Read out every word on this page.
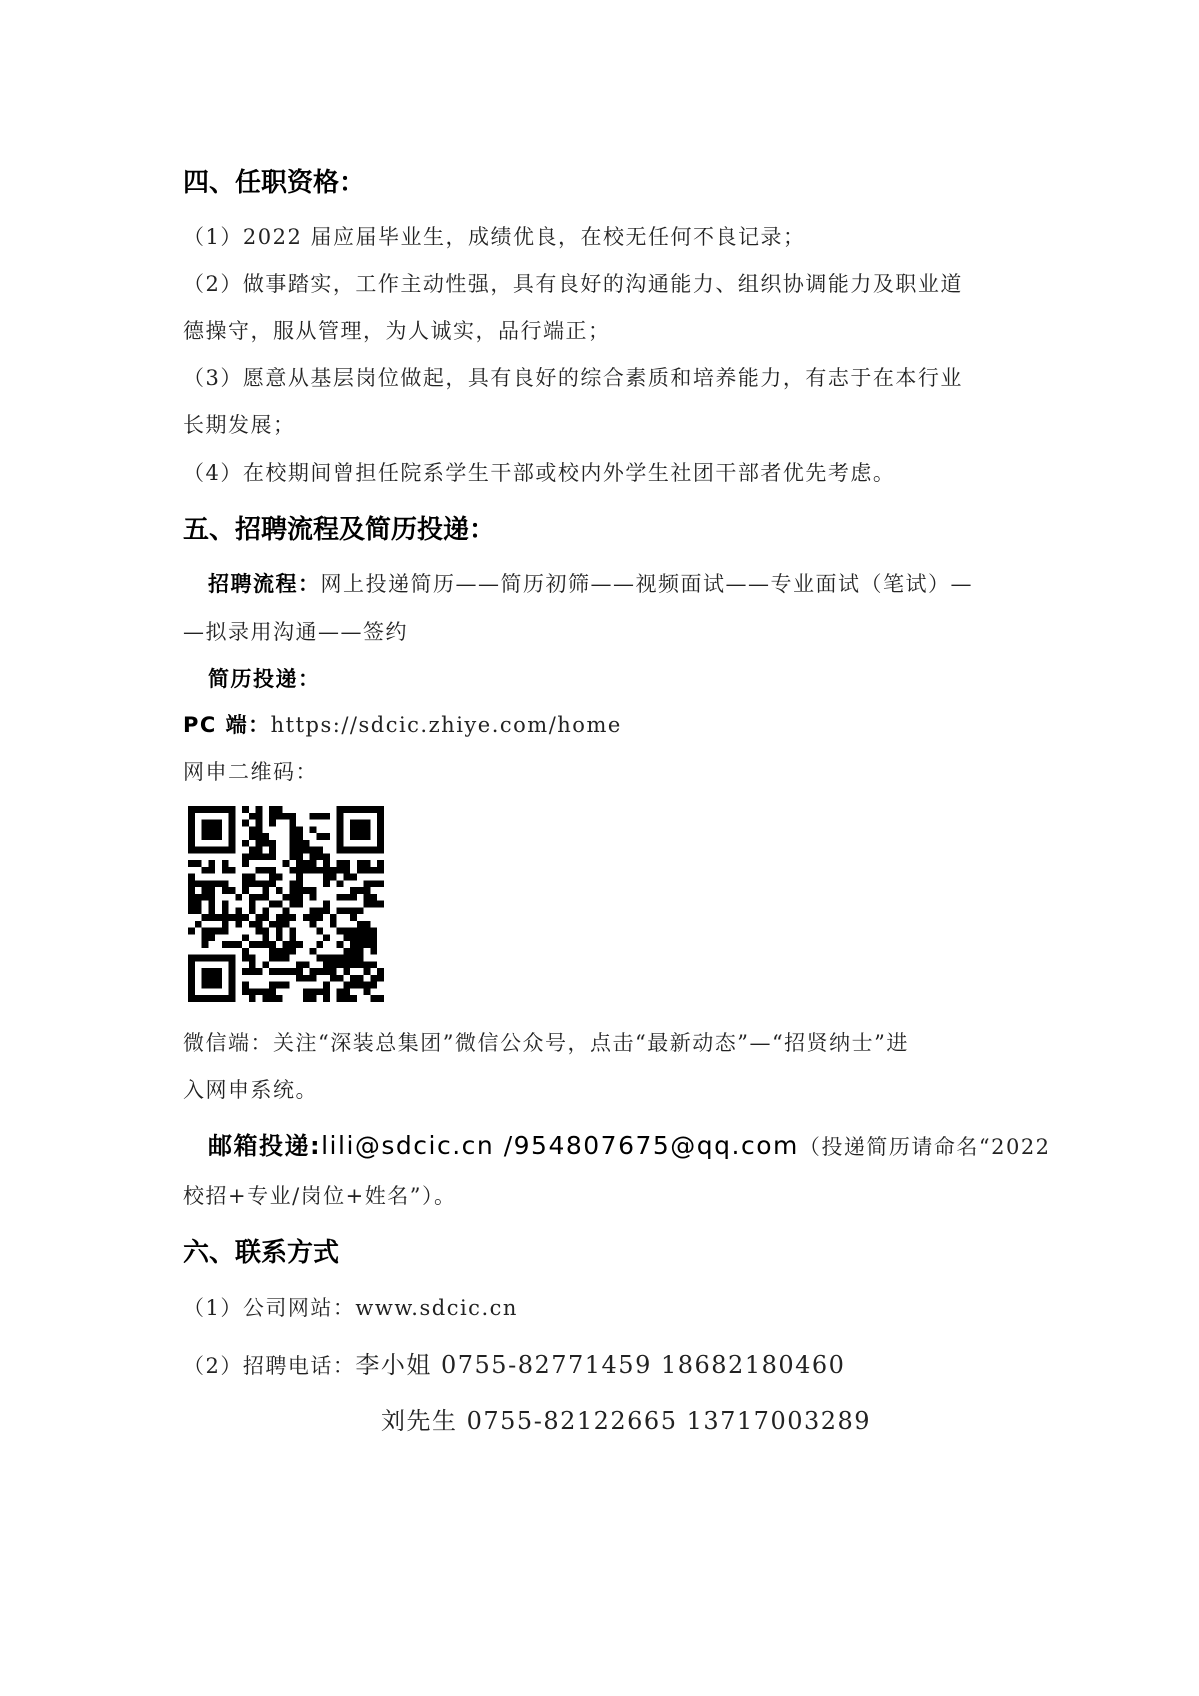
四、任职资格：
（1）2022 届应届毕业生，成绩优良，在校无任何不良记录；
（2）做事踏实，工作主动性强，具有良好的沟通能力、组织协调能力及职业道
德操守，服从管理，为人诚实，品行端正；
（3）愿意从基层岗位做起，具有良好的综合素质和培养能力，有志于在本行业
长期发展；
（4）在校期间曾担任院系学生干部或校内外学生社团干部者优先考虑。
五、招聘流程及简历投递：
招聘流程：网上投递简历——简历初筛——视频面试——专业面试（笔试）—
—拟录用沟通——签约
简历投递：
PC 端：https://sdcic.zhiye.com/home
网申二维码：
微信端：关注“深装总集团”微信公众号，点击“最新动态”—“招贤纳士”进
入网申系统。
邮箱投递:lili@sdcic.cn /954807675@qq.com（投递简历请命名“2022
校招+专业/岗位+姓名”）。
六、联系方式
（1）公司网站：www.sdcic.cn
（2）招聘电话：李小姐 0755-82771459 18682180460
刘先生 0755-82122665 13717003289
